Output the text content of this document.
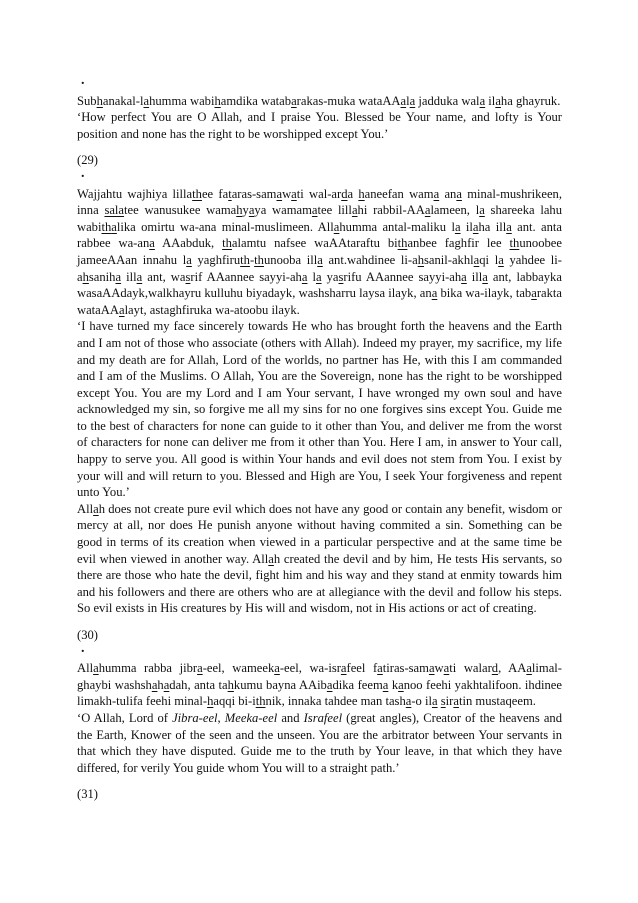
.

Subhanakal-lahumma wabihamdika watabarakas-muka wataAAala jadduka wala ilaha ghayruk.

‘How perfect You are O Allah, and I praise You. Blessed be Your name, and lofty is Your position and none has the right to be worshipped except You.’

(29)
.

Wajjahtu wajhiya lillathee fataras-samawati wal-arda haneefan wama ana minal-mushrikeen, inna salatee wanusukee wamahyaya wamamatee lillahi rabbil-AAalameen, la shareeka lahu wabithalika omirtu wa-ana minal-muslimeen. Allahumma antal-maliku la ilaha illa ant. anta rabbee wa-ana AAabduk, thalamtu nafsee waAAtaraftu bithanbee faghfir lee thunoobee jameeAAan innahu la yaghfiruth-thunooba illa ant.wahdinee li-ahsanil-akhlaqi la yahdee li-ahsaniha illa ant, wasrif AAannee sayyi-aha la yasrifu AAannee sayyi-aha illa ant, labbayka wasaAAdayk,walkhayru kulluhu biyadayk, washsharru laysa ilayk, ana bika wa-ilayk, tabarakta wataAAalayt, astaghfiruka wa-atoobu ilayk.

‘I have turned my face sincerely towards He who has brought forth the heavens and the Earth and I am not of those who associate (others with Allah). Indeed my prayer, my sacrifice, my life and my death are for Allah, Lord of the worlds, no partner has He, with this I am commanded and I am of the Muslims. O Allah, You are the Sovereign, none has the right to be worshipped except You. You are my Lord and I am Your servant, I have wronged my own soul and have acknowledged my sin, so forgive me all my sins for no one forgives sins except You. Guide me to the best of characters for none can guide to it other than You, and deliver me from the worst of characters for none can deliver me from it other than You. Here I am, in answer to Your call, happy to serve you. All good is within Your hands and evil does not stem from You. I exist by your will and will return to you. Blessed and High are You, I seek Your forgiveness and repent unto You.’

Allah does not create pure evil which does not have any good or contain any benefit, wisdom or mercy at all, nor does He punish anyone without having commited a sin. Something can be good in terms of its creation when viewed in a particular perspective and at the same time be evil when viewed in another way. Allah created the devil and by him, He tests His servants, so there are those who hate the devil, fight him and his way and they stand at enmity towards him and his followers and there are others who are at allegiance with the devil and follow his steps. So evil exists in His creatures by His will and wisdom, not in His actions or act of creating.

(30)
.

Allahumma rabba jibra-eel, wameeka-eel, wa-israfeel fatiras-samawati walard, AAalimal-ghaybi washshahadah, anta tahkumu bayna AAibadika feema kanoo feehi yakhtalifoon. ihdinee limakh-tulifa feehi minal-haqqi bi-ithnik, innaka tahdee man tasha-o ila siratin mustaqeem.

‘O Allah, Lord of Jibra-eel, Meeka-eel and Israfeel (great angles), Creator of the heavens and the Earth, Knower of the seen and the unseen. You are the arbitrator between Your servants in that which they have disputed. Guide me to the truth by Your leave, in that which they have differed, for verily You guide whom You will to a straight path.’

(31)
